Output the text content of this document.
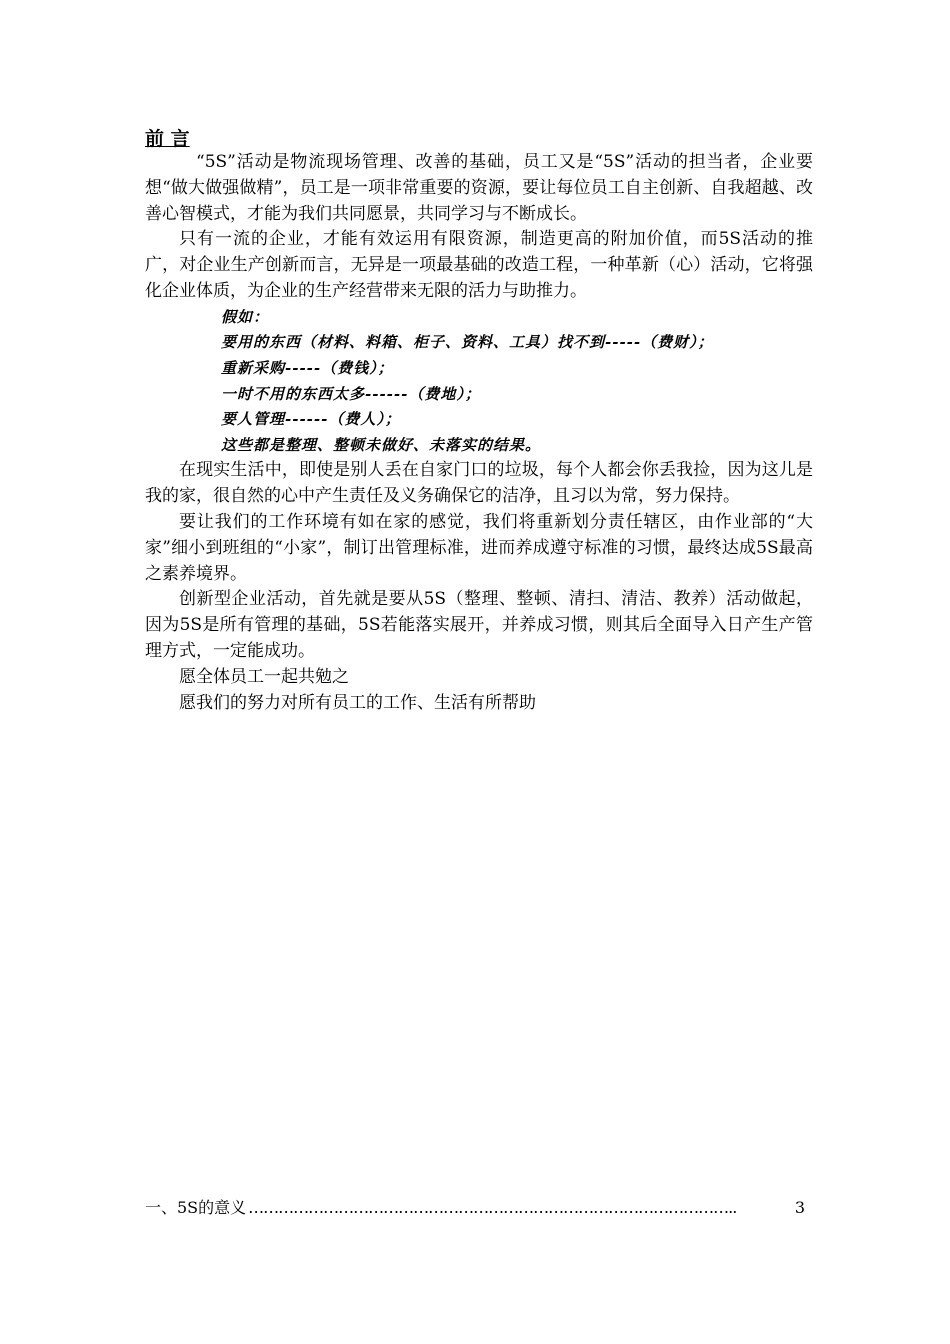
前 言

“5S”活动是物流现场管理、改善的基础，员工又是“5S”活动的担当者，企业要想“做大做强做精”，员工是一项非常重要的资源，要让每位员工自主创新、自我超越、改善心智模式，才能为我们共同愿景，共同学习与不断成长。

只有一流的企业，才能有效运用有限资源，制造更高的附加价值，而5S活动的推广，对企业生产创新而言，无异是一项最基础的改造工程，一种革新（心）活动，它将强化企业体质，为企业的生产经营带来无限的活力与助推力。

假如：

要用的东西（材料、料箱、柜子、资料、工具）找不到-----（费财）；

重新采购-----（费钱）；

一时不用的东西太多------（费地）；

要人管理------（费人）；

这些都是整理、整顿未做好、未落实的结果。

在现实生活中，即使是别人丢在自家门口的垃圾，每个人都会你丢我捡，因为这儿是我的家，很自然的心中产生责任及义务确保它的洁净，且习以为常，努力保持。

要让我们的工作环境有如在家的感觉，我们将重新划分责任辖区，由作业部的“大家”细小到班组的“小家”，制订出管理标准，进而养成遵守标准的习惯，最终达成5S最高之素养境界。

创新型企业活动，首先就是要从5S（整理、整顿、清扫、清洁、教养）活动做起，因为5S是所有管理的基础，5S若能落实展开，并养成习惯，则其后全面导入日产生产管理方式，一定能成功。

愿全体员工一起共勉之

愿我们的努力对所有员工的工作、生活有所帮助

一、5S的意义 ……………………………………………………………………………………..	3
